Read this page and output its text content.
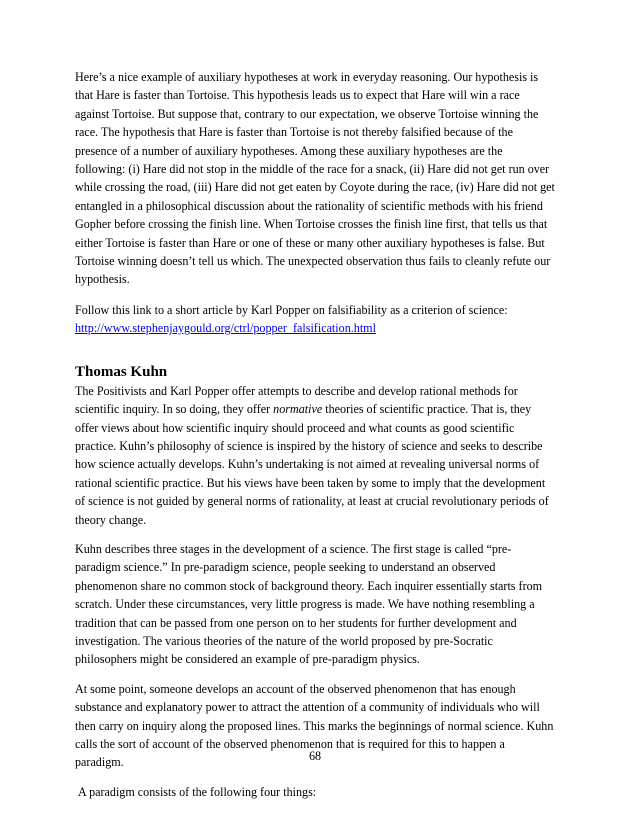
Here’s a nice example of auxiliary hypotheses at work in everyday reasoning. Our hypothesis is that Hare is faster than Tortoise. This hypothesis leads us to expect that Hare will win a race against Tortoise. But suppose that, contrary to our expectation, we observe Tortoise winning the race. The hypothesis that Hare is faster than Tortoise is not thereby falsified because of the presence of a number of auxiliary hypotheses. Among these auxiliary hypotheses are the following: (i) Hare did not stop in the middle of the race for a snack, (ii) Hare did not get run over while crossing the road, (iii) Hare did not get eaten by Coyote during the race, (iv) Hare did not get entangled in a philosophical discussion about the rationality of scientific methods with his friend Gopher before crossing the finish line. When Tortoise crosses the finish line first, that tells us that either Tortoise is faster than Hare or one of these or many other auxiliary hypotheses is false. But Tortoise winning doesn’t tell us which. The unexpected observation thus fails to cleanly refute our hypothesis.

Follow this link to a short article by Karl Popper on falsifiability as a criterion of science:
http://www.stephenjaygould.org/ctrl/popper_falsification.html

Thomas Kuhn

The Positivists and Karl Popper offer attempts to describe and develop rational methods for scientific inquiry. In so doing, they offer normative theories of scientific practice. That is, they offer views about how scientific inquiry should proceed and what counts as good scientific practice. Kuhn’s philosophy of science is inspired by the history of science and seeks to describe how science actually develops. Kuhn’s undertaking is not aimed at revealing universal norms of rational scientific practice. But his views have been taken by some to imply that the development of science is not guided by general norms of rationality, at least at crucial revolutionary periods of theory change.

Kuhn describes three stages in the development of a science. The first stage is called “pre-paradigm science.” In pre-paradigm science, people seeking to understand an observed phenomenon share no common stock of background theory. Each inquirer essentially starts from scratch. Under these circumstances, very little progress is made. We have nothing resembling a tradition that can be passed from one person on to her students for further development and investigation. The various theories of the nature of the world proposed by pre-Socratic philosophers might be considered an example of pre-paradigm physics.

At some point, someone develops an account of the observed phenomenon that has enough substance and explanatory power to attract the attention of a community of individuals who will then carry on inquiry along the proposed lines. This marks the beginnings of normal science. Kuhn calls the sort of account of the observed phenomenon that is required for this to happen a paradigm.

A paradigm consists of the following four things:

68
